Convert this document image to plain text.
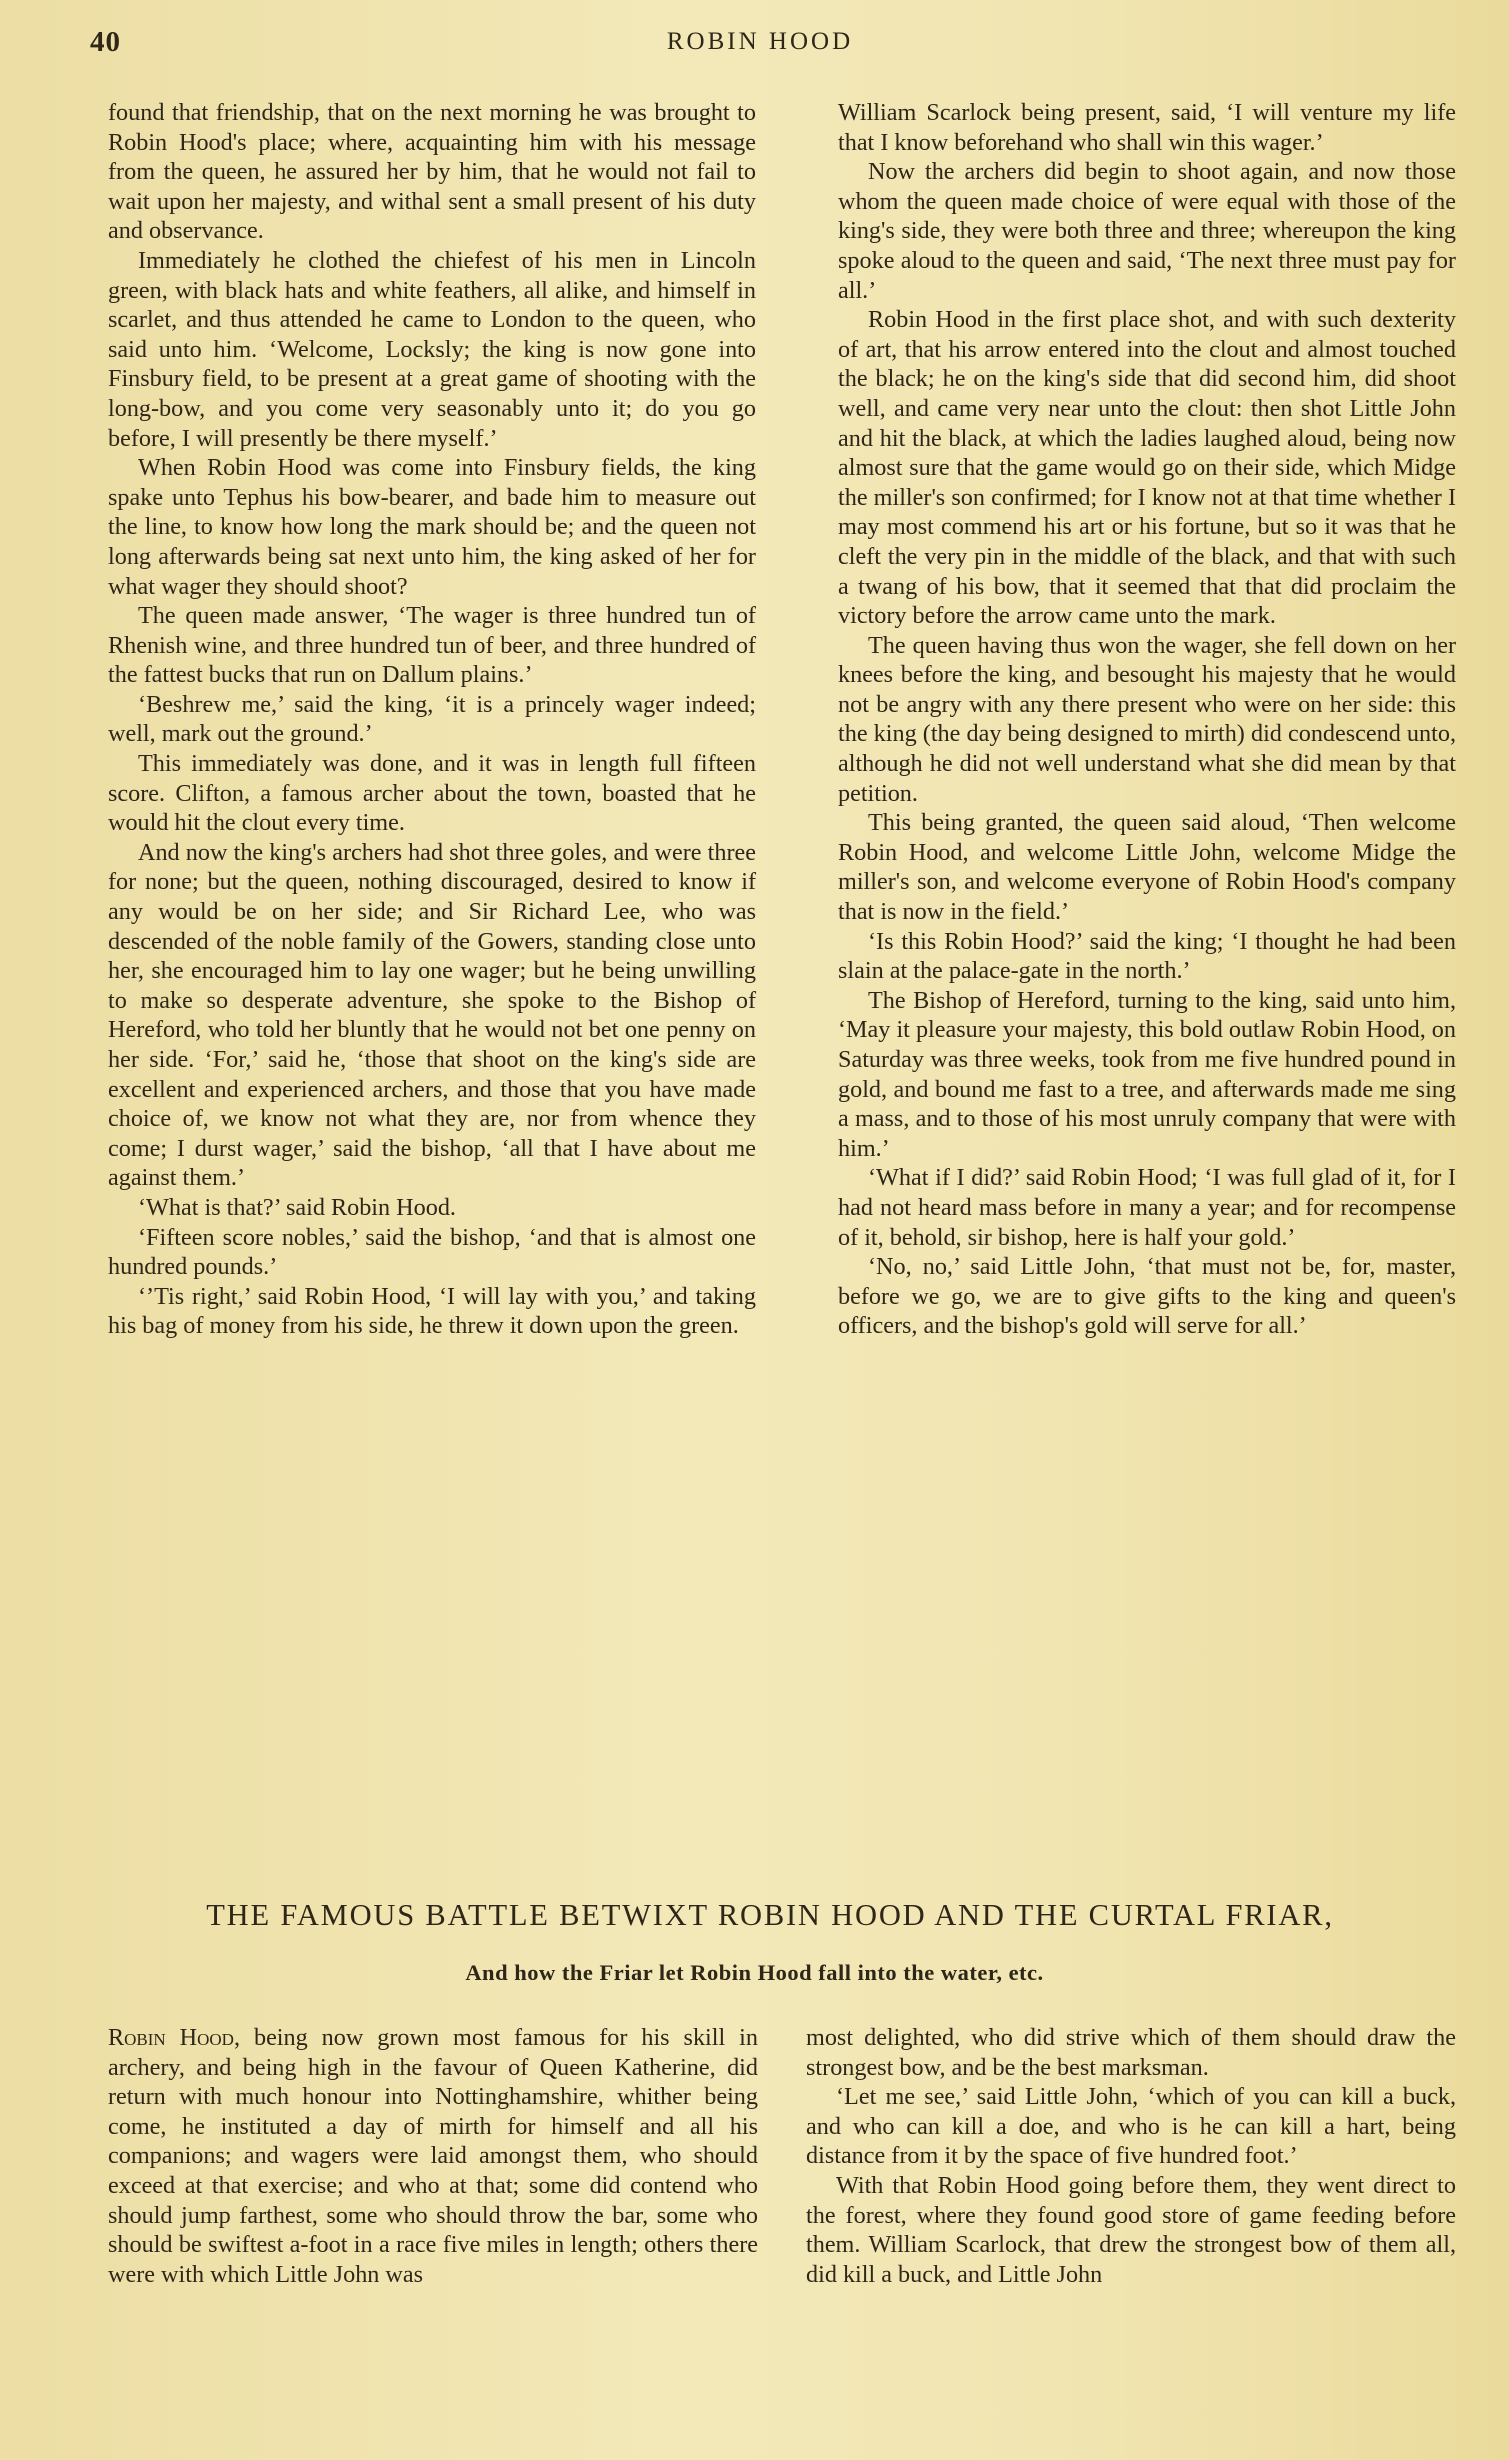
40	ROBIN HOOD

found that friendship, that on the next morning he was brought to Robin Hood's place; where, acquainting him with his message from the queen, he assured her by him, that he would not fail to wait upon her majesty, and withal sent a small present of his duty and observance.

Immediately he clothed the chiefest of his men in Lincoln green, with black hats and white feathers, all alike, and himself in scarlet, and thus attended he came to London to the queen, who said unto him. ‘Welcome, Locksly; the king is now gone into Finsbury field, to be present at a great game of shooting with the long-bow, and you come very seasonably unto it; do you go before, I will presently be there myself.’

When Robin Hood was come into Finsbury fields, the king spake unto Tephus his bow-bearer, and bade him to measure out the line, to know how long the mark should be; and the queen not long afterwards being sat next unto him, the king asked of her for what wager they should shoot?

The queen made answer, ‘The wager is three hundred tun of Rhenish wine, and three hundred tun of beer, and three hundred of the fattest bucks that run on Dallum plains.’

‘Beshrew me,’ said the king, ‘it is a princely wager indeed; well, mark out the ground.’

This immediately was done, and it was in length full fifteen score. Clifton, a famous archer about the town, boasted that he would hit the clout every time.

And now the king's archers had shot three goles, and were three for none; but the queen, nothing discouraged, desired to know if any would be on her side; and Sir Richard Lee, who was descended of the noble family of the Gowers, standing close unto her, she encouraged him to lay one wager; but he being unwilling to make so desperate adventure, she spoke to the Bishop of Hereford, who told her bluntly that he would not bet one penny on her side. ‘For,’ said he, ‘those that shoot on the king's side are excellent and experienced archers, and those that you have made choice of, we know not what they are, nor from whence they come; I durst wager,’ said the bishop, ‘all that I have about me against them.’

‘What is that?’ said Robin Hood.

‘Fifteen score nobles,’ said the bishop, ‘and that is almost one hundred pounds.’

‘’Tis right,’ said Robin Hood, ‘I will lay with you,’ and taking his bag of money from his side, he threw it down upon the green.

William Scarlock being present, said, ‘I will venture my life that I know beforehand who shall win this wager.’

Now the archers did begin to shoot again, and now those whom the queen made choice of were equal with those of the king's side, they were both three and three; whereupon the king spoke aloud to the queen and said, ‘The next three must pay for all.’

Robin Hood in the first place shot, and with such dexterity of art, that his arrow entered into the clout and almost touched the black; he on the king's side that did second him, did shoot well, and came very near unto the clout: then shot Little John and hit the black, at which the ladies laughed aloud, being now almost sure that the game would go on their side, which Midge the miller's son confirmed; for I know not at that time whether I may most commend his art or his fortune, but so it was that he cleft the very pin in the middle of the black, and that with such a twang of his bow, that it seemed that that did proclaim the victory before the arrow came unto the mark.

The queen having thus won the wager, she fell down on her knees before the king, and besought his majesty that he would not be angry with any there present who were on her side: this the king (the day being designed to mirth) did condescend unto, although he did not well understand what she did mean by that petition.

This being granted, the queen said aloud, ‘Then welcome Robin Hood, and welcome Little John, welcome Midge the miller's son, and welcome everyone of Robin Hood's company that is now in the field.’

‘Is this Robin Hood?’ said the king; ‘I thought he had been slain at the palace-gate in the north.’

The Bishop of Hereford, turning to the king, said unto him, ‘May it pleasure your majesty, this bold outlaw Robin Hood, on Saturday was three weeks, took from me five hundred pound in gold, and bound me fast to a tree, and afterwards made me sing a mass, and to those of his most unruly company that were with him.’

‘What if I did?’ said Robin Hood; ‘I was full glad of it, for I had not heard mass before in many a year; and for recompense of it, behold, sir bishop, here is half your gold.’

‘No, no,’ said Little John, ‘that must not be, for, master, before we go, we are to give gifts to the king and queen's officers, and the bishop's gold will serve for all.’

THE FAMOUS BATTLE BETWIXT ROBIN HOOD AND THE CURTAL FRIAR,
And how the Friar let Robin Hood fall into the water, etc.

Robin Hood, being now grown most famous for his skill in archery, and being high in the favour of Queen Katherine, did return with much honour into Nottinghamshire, whither being come, he instituted a day of mirth for himself and all his companions; and wagers were laid amongst them, who should exceed at that exercise; and who at that; some did contend who should jump farthest, some who should throw the bar, some who should be swiftest a-foot in a race five miles in length; others there were with which Little John was

most delighted, who did strive which of them should draw the strongest bow, and be the best marksman.

‘Let me see,’ said Little John, ‘which of you can kill a buck, and who can kill a doe, and who is he can kill a hart, being distance from it by the space of five hundred foot.’

With that Robin Hood going before them, they went direct to the forest, where they found good store of game feeding before them. William Scarlock, that drew the strongest bow of them all, did kill a buck, and Little John
